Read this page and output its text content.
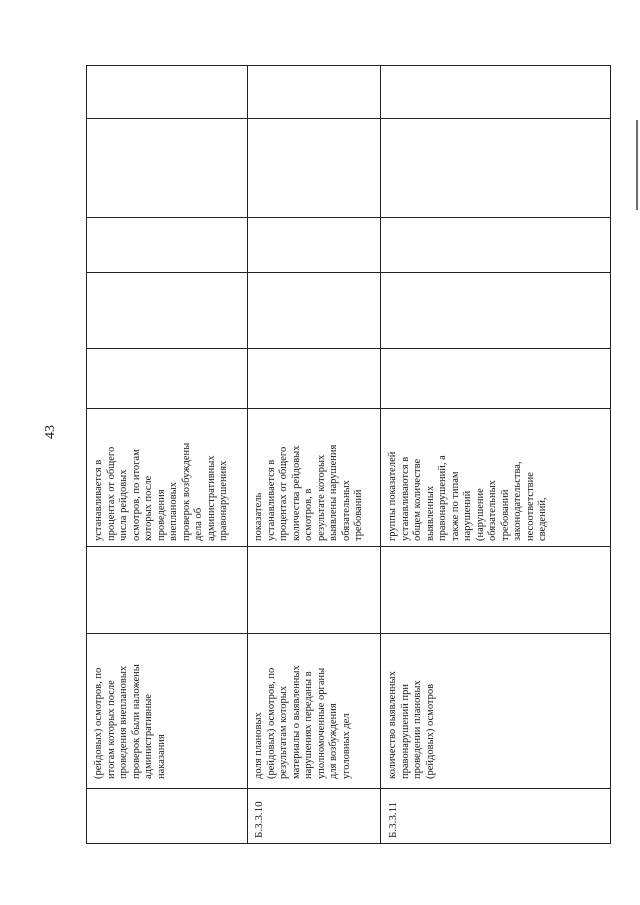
43
(рейдовых) осмотров, по
итогам которых после
проведения внеплановых
проверок были наложены
административные
наказания
устанавливается в
процентах от общего
числа рейдовых
осмотров, по итогам
которых после
проведения
внеплановых
проверок возбуждены
дела об
административных
правонарушениях
Б.3.3.10
доля плановых
(рейдовых) осмотров, по
результатам которых
материалы о выявленных
нарушениях переданы в
уполномоченные органы
для возбуждения
уголовных дел
показатель
устанавливается в
процентах от общего
количества рейдовых
осмотров, в
результате которых
выявлены нарушения
обязательных
требований
Б.3.3.11
количество выявленных
правонарушений при
проведении плановых
(рейдовых) осмотров
группы показателей
устанавливаются в
общем количестве
выявленных
правонарушений, а
также по типам
нарушений
(нарушение
обязательных
требований
законодательства,
несоответствие
сведений,
